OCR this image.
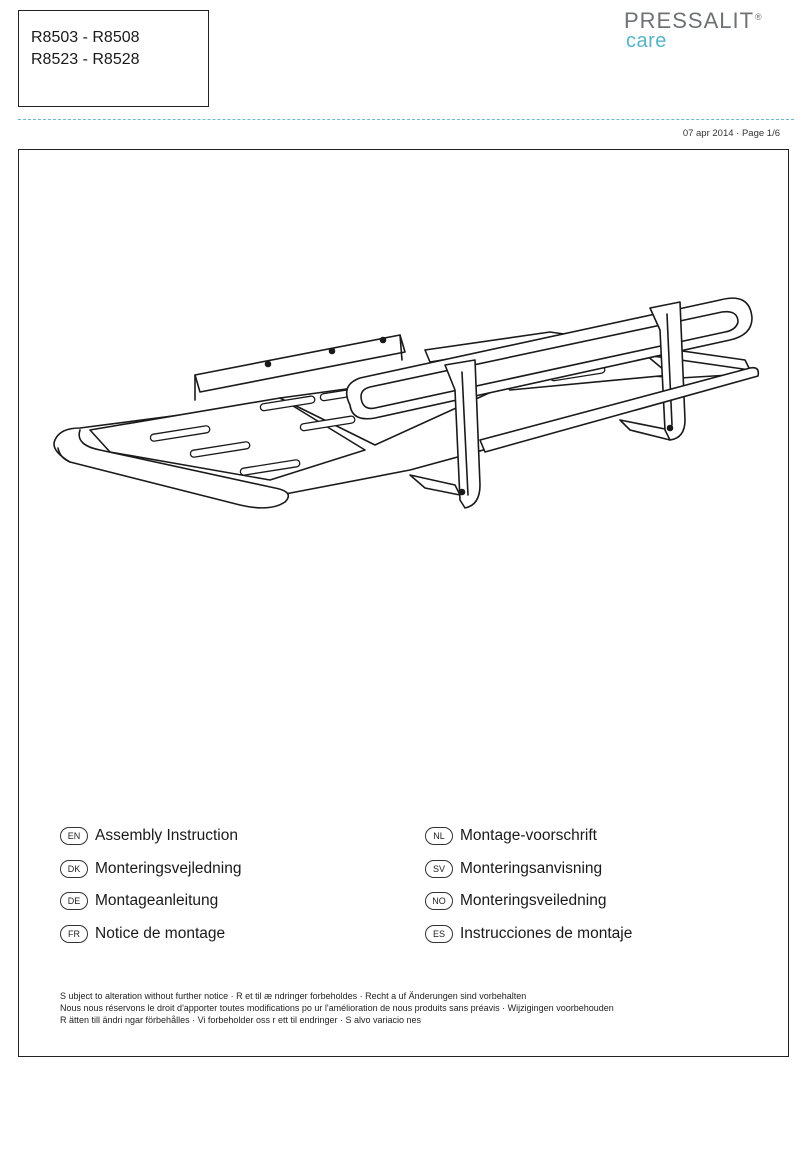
R8503 - R8508
R8523 - R8528
PRESSALIT®
care
07 apr 2014 · Page 1/6
EN Assembly Instruction
DK Monteringsvejledning
DE Montageanleitung
FR Notice de montage
NL Montage-voorschrift
SV Monteringsanvisning
NO Monteringsveiledning
ES Instrucciones de montaje
S ubject to alteration without further notice · R et til æ ndringer forbeholdes · Recht a uf Änderungen sind vorbehalten
Nous nous réservons le droit d'apporter toutes modifications po ur l'amélioration de nous produits sans préavis · Wijzigingen voorbehouden
R ätten till ändri ngar förbehålles · Vi forbeholder oss r ett til endringer · S alvo variacio nes
